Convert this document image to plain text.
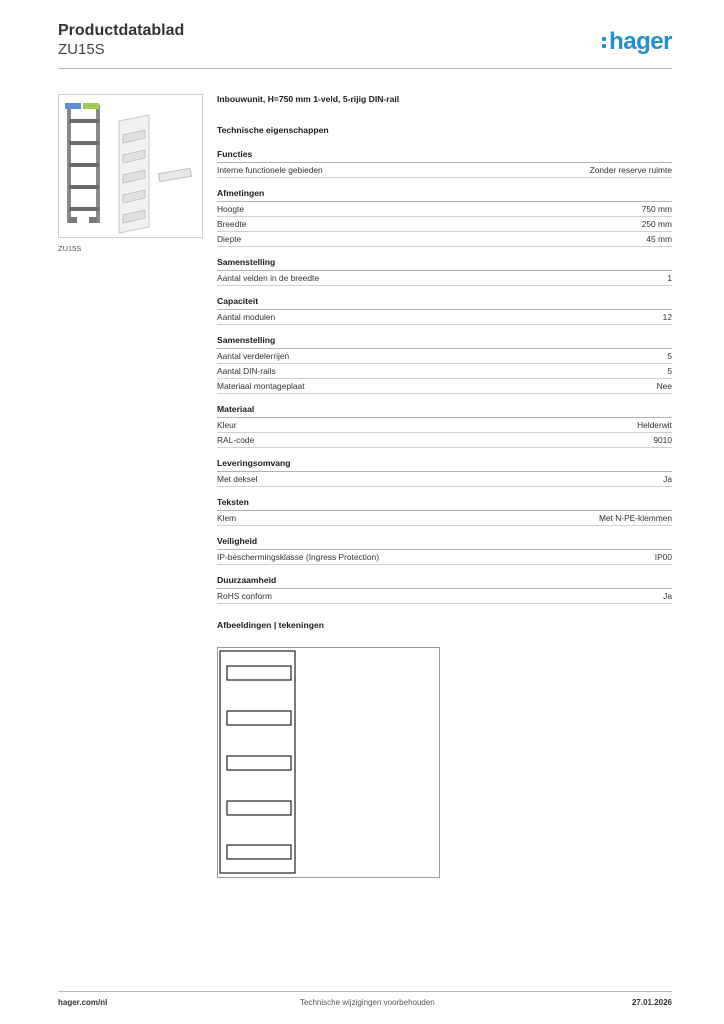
Productdatablad
ZU15S	hager
ZU15S
Inbouwunit, H=750 mm 1-veld, 5-rijig DIN-rail
Technische eigenschappen
Functies
Interne functionele gebieden	Zonder reserve ruimte
Afmetingen
Hoogte	750 mm
Breedte	250 mm
Diepte	45 mm
Samenstelling
Aantal velden in de breedte	1
Capaciteit
Aantal modulen	12
Samenstelling
Aantal verdelerrijen	5
Aantal DIN-rails	5
Materiaal montageplaat	Nee
Materiaal
Kleur	Helderwit
RAL-code	9010
Leveringsomvang
Met deksel	Ja
Teksten
Klem	Met N-PE-klemmen
Veiligheid
IP-beschermingsklasse (Ingress Protection)	IP00
Duurzaamheid
RoHS conform	Ja
Afbeeldingen | tekeningen
hager.com/nl	Technische wijzigingen voorbehouden	27.01.2026
